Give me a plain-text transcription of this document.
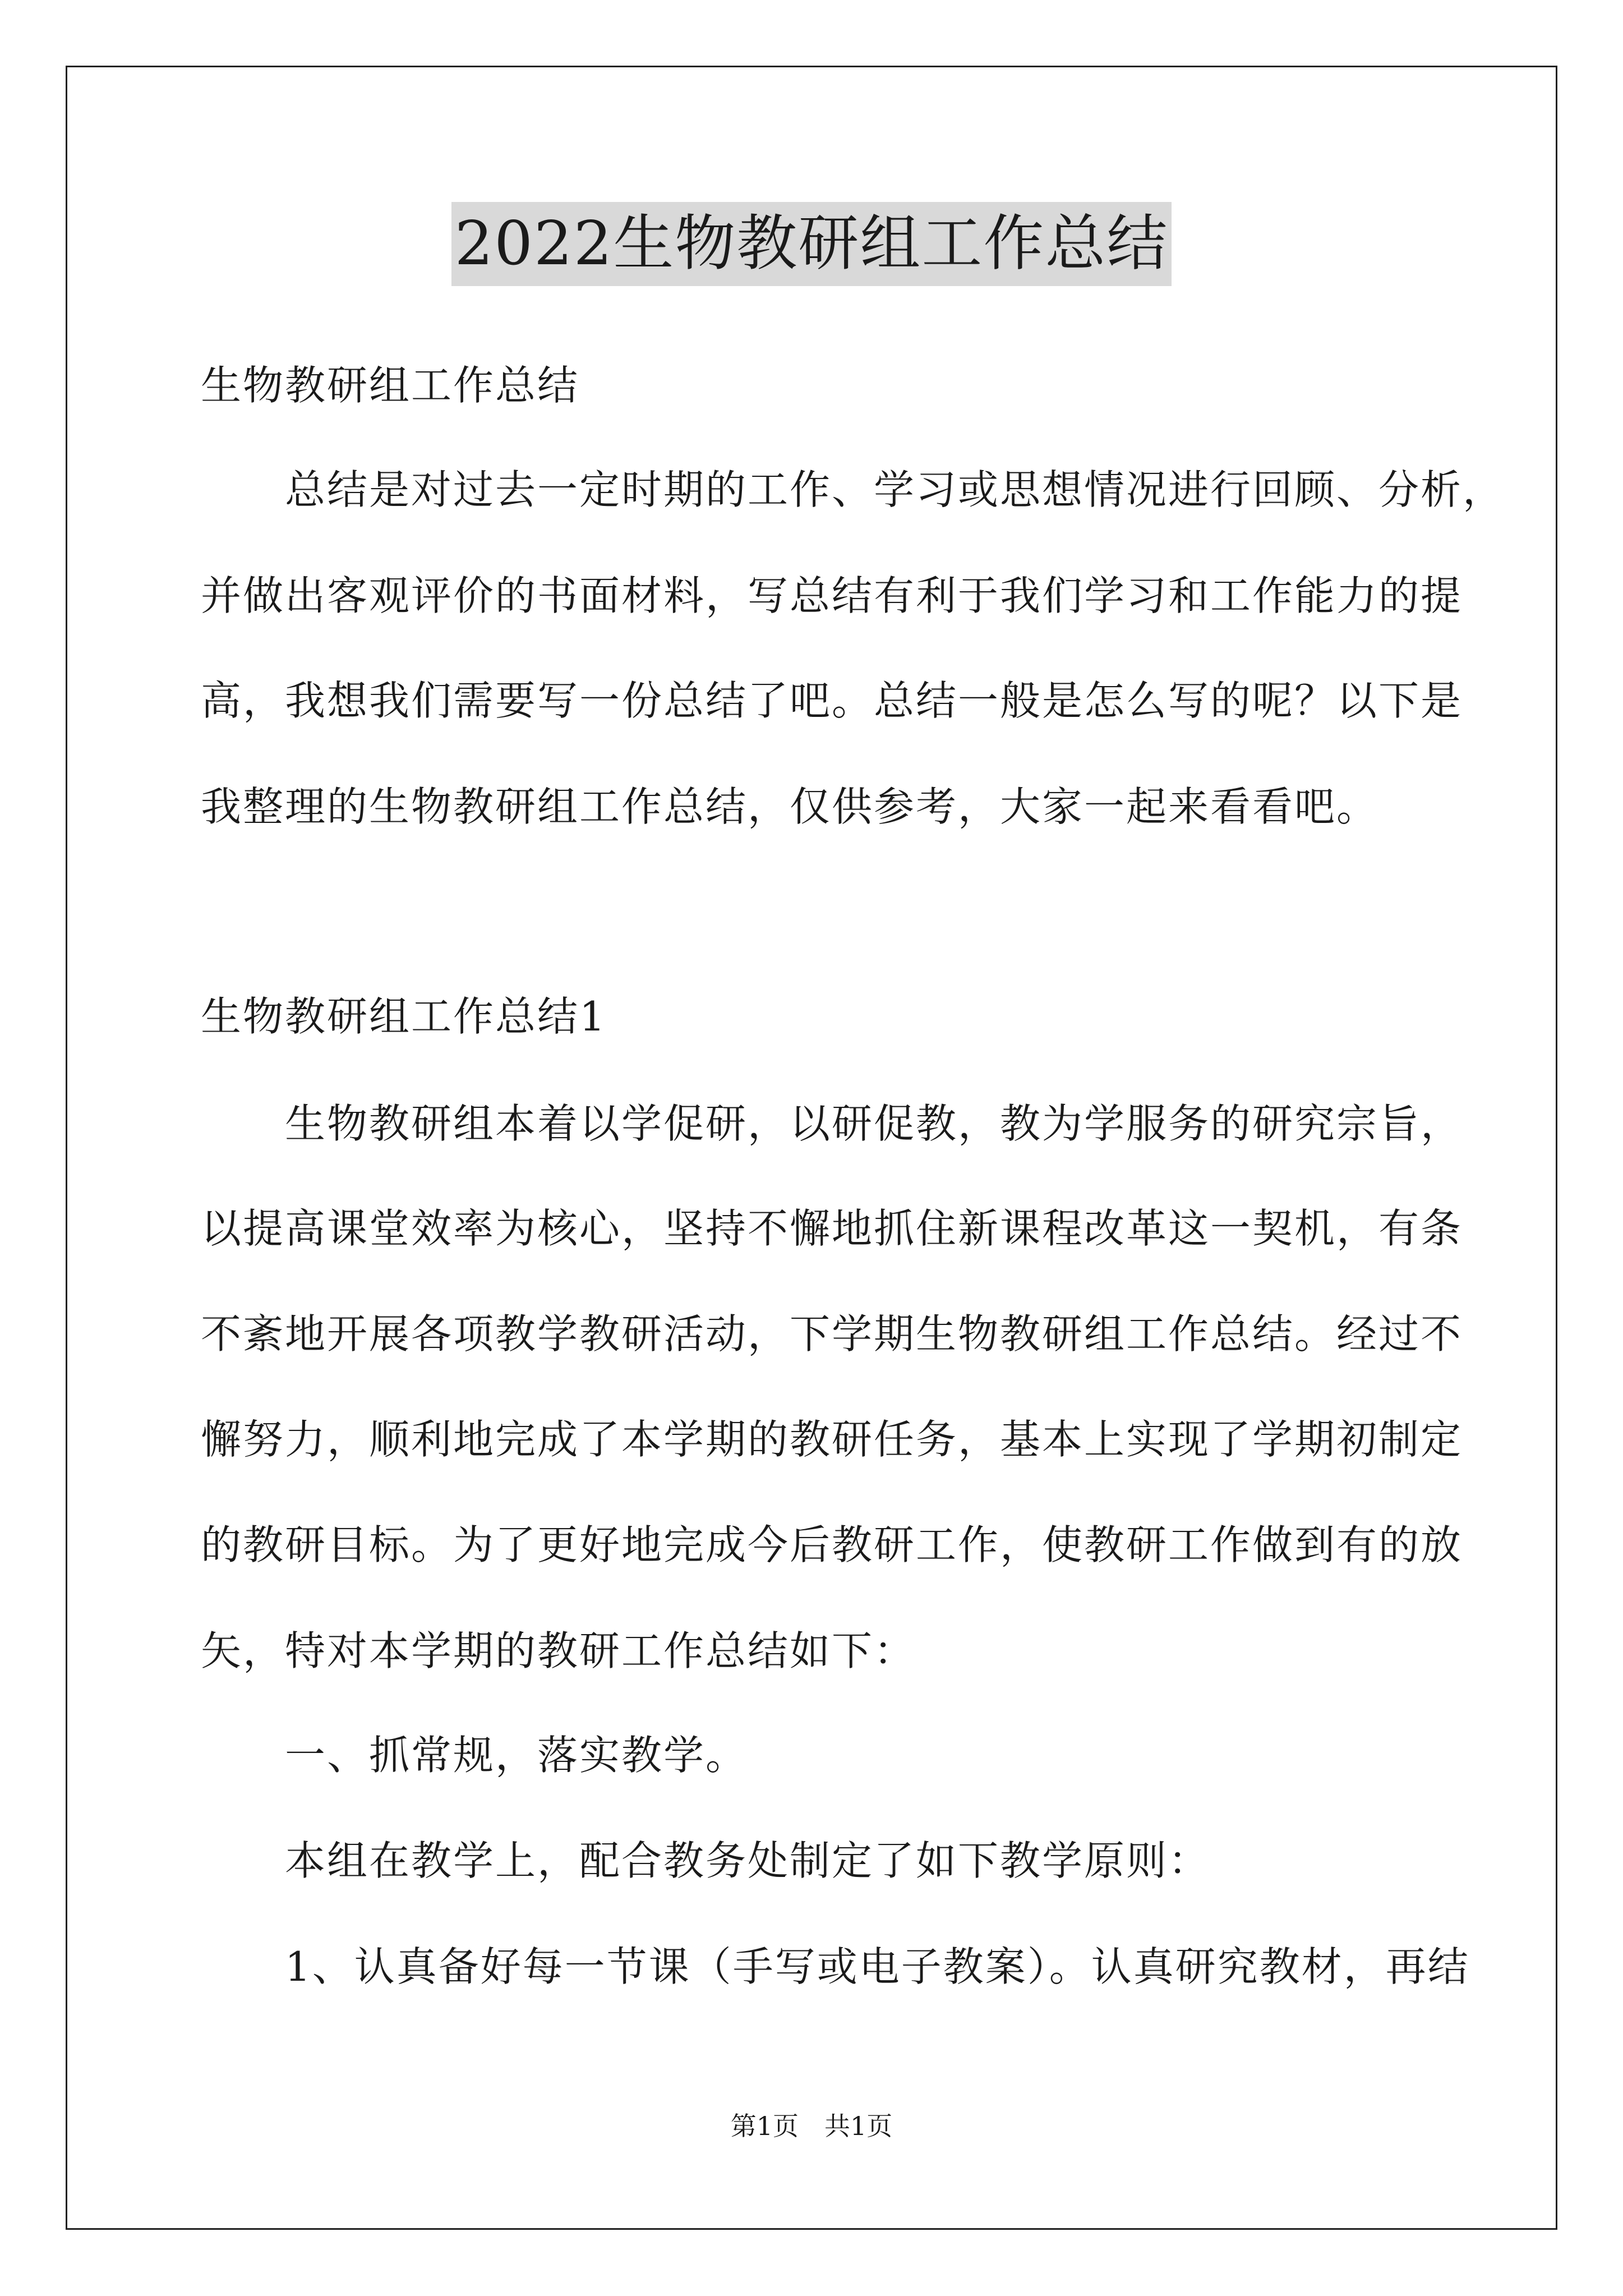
2022生物教研组工作总结
生物教研组工作总结
　　总结是对过去一定时期的工作、学习或思想情况进行回顾、分析，
并做出客观评价的书面材料，写总结有利于我们学习和工作能力的提
高，我想我们需要写一份总结了吧。总结一般是怎么写的呢？以下是
我整理的生物教研组工作总结，仅供参考，大家一起来看看吧。
生物教研组工作总结1
　　生物教研组本着以学促研，以研促教，教为学服务的研究宗旨，
以提高课堂效率为核心，坚持不懈地抓住新课程改革这一契机，有条
不紊地开展各项教学教研活动，下学期生物教研组工作总结。经过不
懈努力，顺利地完成了本学期的教研任务，基本上实现了学期初制定
的教研目标。为了更好地完成今后教研工作，使教研工作做到有的放
矢，特对本学期的教研工作总结如下：
　　一、抓常规，落实教学。
　　本组在教学上，配合教务处制定了如下教学原则：
　　1、认真备好每一节课（手写或电子教案）。认真研究教材，再结
第1页　共1页
